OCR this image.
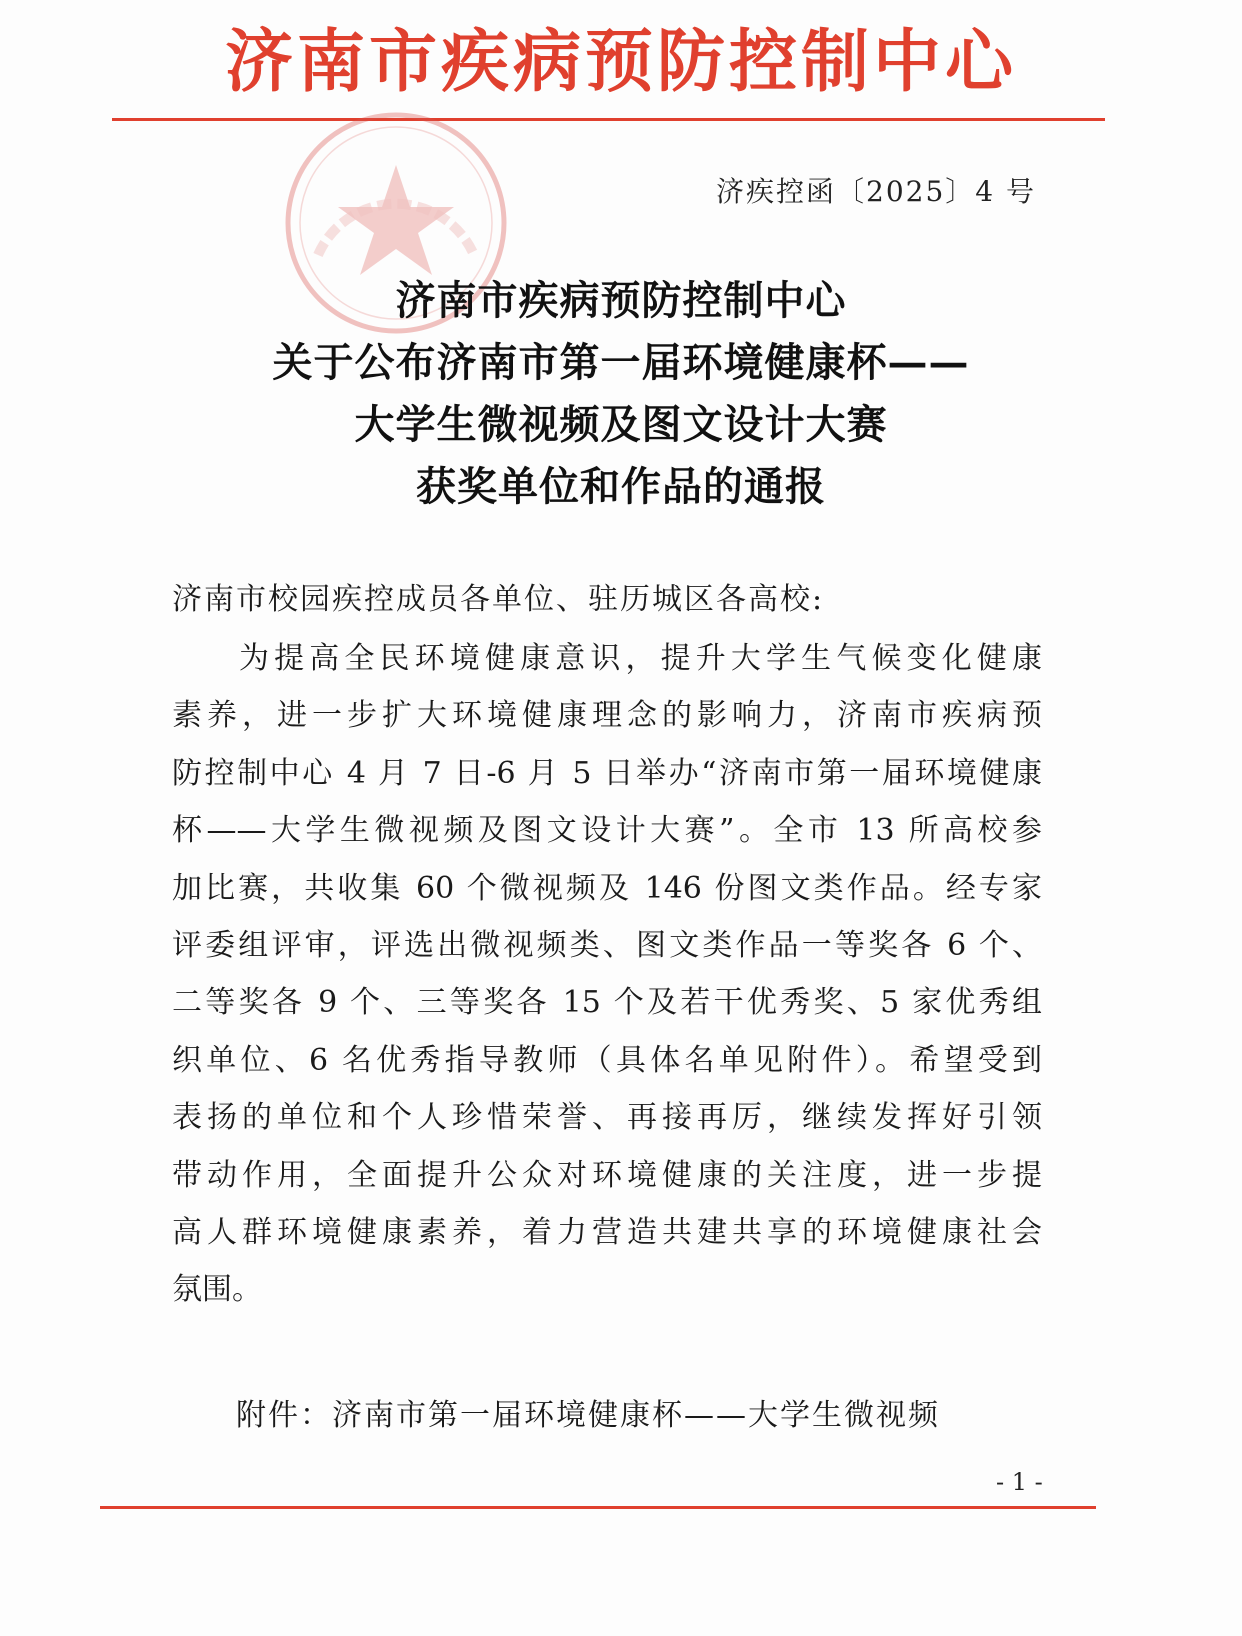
济南市疾病预防控制中心
济疾控函〔2025〕4 号
济南市疾病预防控制中心
关于公布济南市第一届环境健康杯——
大学生微视频及图文设计大赛
获奖单位和作品的通报
济南市校园疾控成员各单位、驻历城区各高校:
为提高全民环境健康意识，提升大学生气候变化健康
素养，进一步扩大环境健康理念的影响力，济南市疾病预
防控制中心 4 月 7 日-6 月 5 日举办“济南市第一届环境健康
杯——大学生微视频及图文设计大赛”。全市 13 所高校参
加比赛，共收集 60 个微视频及 146 份图文类作品。经专家
评委组评审，评选出微视频类、图文类作品一等奖各 6 个、
二等奖各 9 个、三等奖各 15 个及若干优秀奖、5 家优秀组
织单位、6 名优秀指导教师（具体名单见附件）。希望受到
表扬的单位和个人珍惜荣誉、再接再厉，继续发挥好引领
带动作用，全面提升公众对环境健康的关注度，进一步提
高人群环境健康素养，着力营造共建共享的环境健康社会
氛围。
附件：济南市第一届环境健康杯——大学生微视频
- 1 -
